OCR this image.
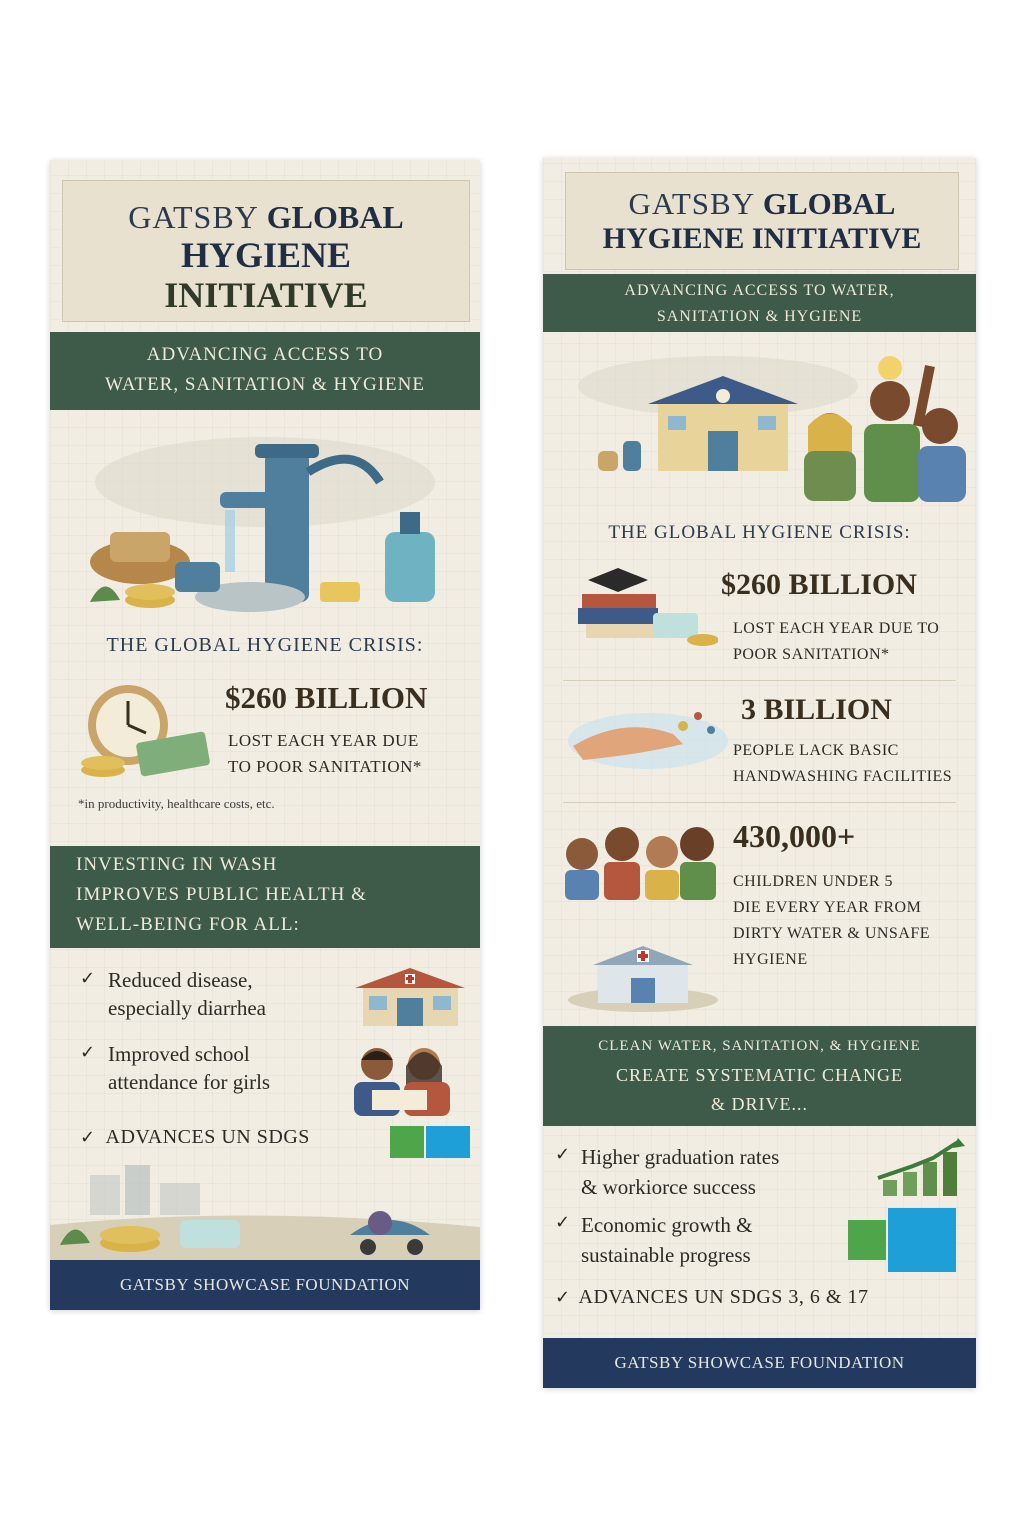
GATSBY GLOBAL
HYGIENE
INITIATIVE
ADVANCING ACCESS TO
WATER, SANITATION & HYGIENE
THE GLOBAL HYGIENE CRISIS:
$260 BILLION
LOST EACH YEAR DUE
TO POOR SANITATION*
*in productivity, healthcare costs, etc.
INVESTING IN WASH
IMPROVES PUBLIC HEALTH &
WELL-BEING FOR ALL:
✓ Reduced disease,
especially diarrhea
✓ Improved school
attendance for girls
✓ ADVANCES UN SDGS
GATSBY SHOWCASE FOUNDATION
GATSBY GLOBAL
HYGIENE INITIATIVE
ADVANCING ACCESS TO WATER,
SANITATION & HYGIENE
THE GLOBAL HYGIENE CRISIS:
$260 BILLION
LOST EACH YEAR DUE TO
POOR SANITATION*
3 BILLION
PEOPLE LACK BASIC
HANDWASHING FACILITIES
430,000+
CHILDREN UNDER 5
DIE EVERY YEAR FROM
DIRTY WATER & UNSAFE
HYGIENE
CLEAN WATER, SANITATION, & HYGIENE
CREATE SYSTEMATIC CHANGE
& DRIVE...
✓ Higher graduation rates
& workiorce success
✓ Economic growth &
sustainable progress
✓ ADVANCES UN SDGS 3, 6 & 17
GATSBY SHOWCASE FOUNDATION
